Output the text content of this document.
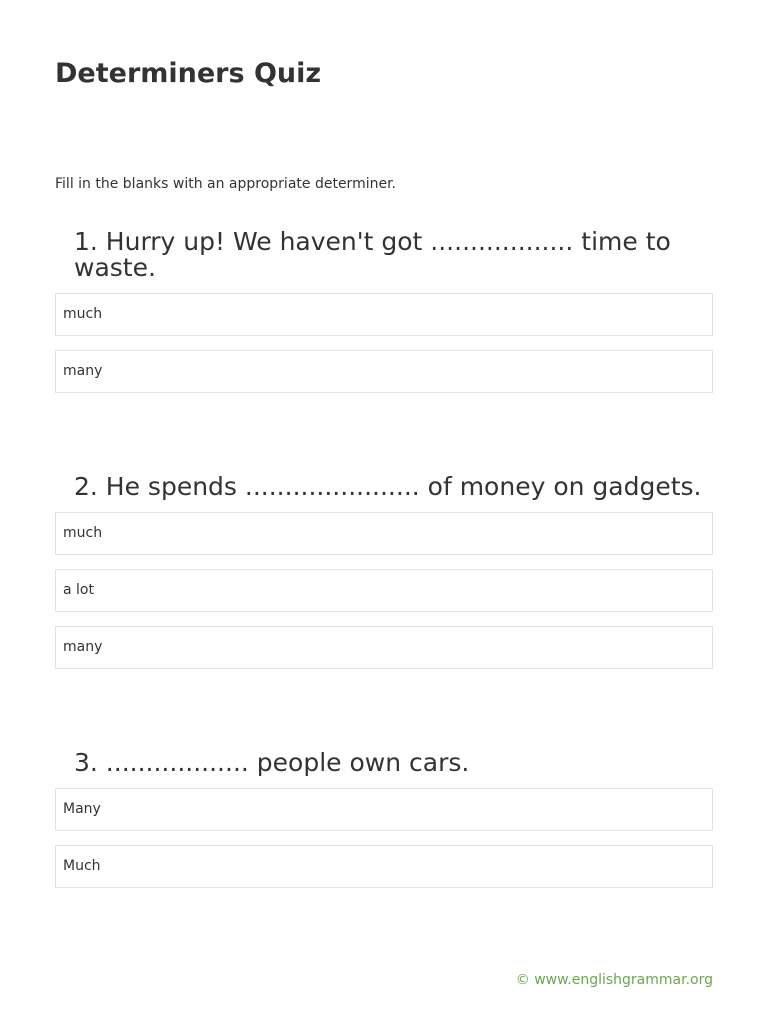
Determiners Quiz

Fill in the blanks with an appropriate determiner.

1. Hurry up! We haven't got .................. time to waste.

much
many

2. He spends ...................... of money on gadgets.

much
a lot
many

3. .................. people own cars.

Many
Much

© www.englishgrammar.org
